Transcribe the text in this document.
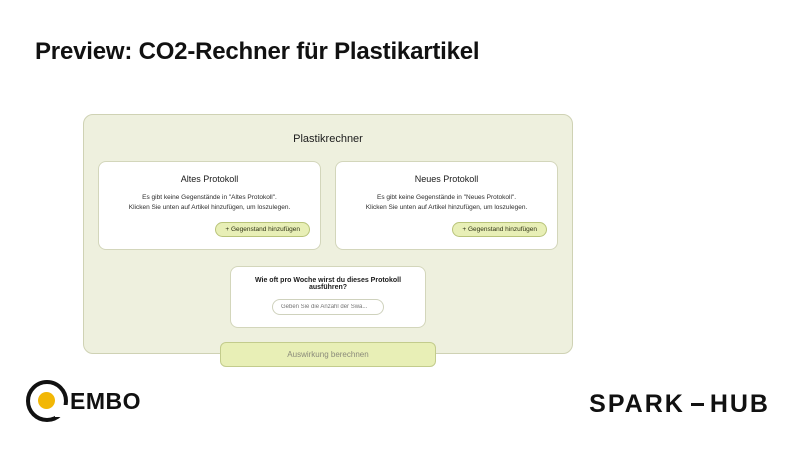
Preview: CO2-Rechner für Plastikartikel
Plastikrechner
Altes Protokoll
Es gibt keine Gegenstände in "Altes Protokoll".
Klicken Sie unten auf Artikel hinzufügen, um loszulegen.
+ Gegenstand hinzufügen
Neues Protokoll
Es gibt keine Gegenstände in "Neues Protokoll".
Klicken Sie unten auf Artikel hinzufügen, um loszulegen.
+ Gegenstand hinzufügen
Wie oft pro Woche wirst du dieses Protokoll ausführen?
Geben Sie die Anzahl der Swa...
Auswirkung berechnen
EMBO	SPARK HUB
